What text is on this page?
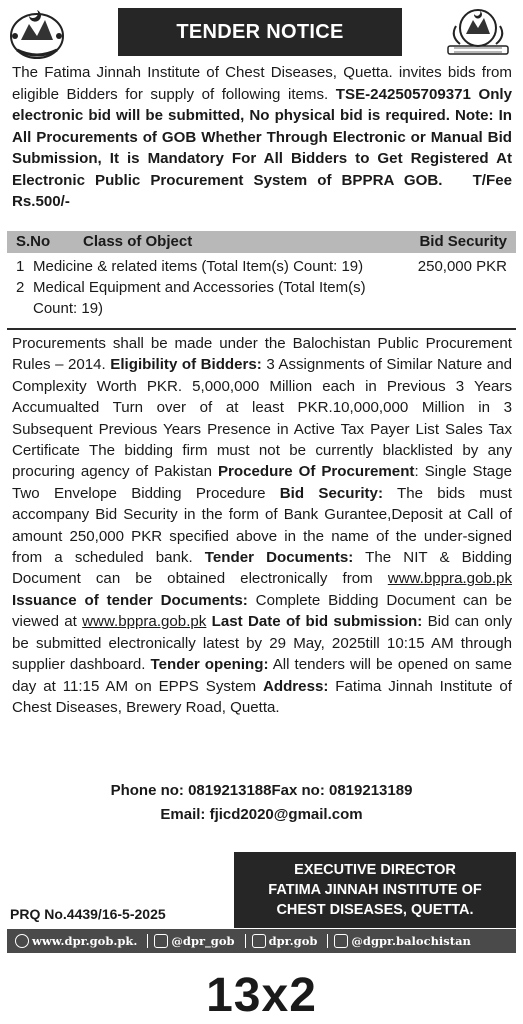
TENDER NOTICE
The Fatima Jinnah Institute of Chest Diseases, Quetta. invites bids from eligible Bidders for supply of following items. TSE-242505709371 Only electronic bid will be submitted, No physical bid is required. Note: In All Procurements of GOB Whether Through Electronic or Manual Bid Submission, It is Mandatory For All Bidders to Get Registered At Electronic Public Procurement System of BPPRA GOB. T/Fee Rs.500/-
S.No Class of Object	Bid Security
1 Medicine & related items (Total Item(s) Count: 19)	250,000 PKR
2 Medical Equipment and Accessories (Total Item(s) Count: 19)
Procurements shall be made under the Balochistan Public Procurement Rules – 2014. Eligibility of Bidders: 3 Assignments of Similar Nature and Complexity Worth PKR. 5,000,000 Million each in Previous 3 Years Accumualted Turn over of at least PKR.10,000,000 Million in 3 Subsequent Previous Years Presence in Active Tax Payer List Sales Tax Certificate The bidding firm must not be currently blacklisted by any procuring agency of Pakistan Procedure Of Procurement: Single Stage Two Envelope Bidding Procedure Bid Security: The bids must accompany Bid Security in the form of Bank Gurantee,Deposit at Call of amount 250,000 PKR specified above in the name of the under-signed from a scheduled bank. Tender Documents: The NIT & Bidding Document can be obtained electronically from www.bppra.gob.pk Issuance of tender Documents: Complete Bidding Document can be viewed at www.bppra.gob.pk Last Date of bid submission: Bid can only be submitted electronically latest by 29 May, 2025till 10:15 AM through supplier dashboard. Tender opening: All tenders will be opened on same day at 11:15 AM on EPPS System Address: Fatima Jinnah Institute of Chest Diseases, Brewery Road, Quetta.
Phone no: 0819213188Fax no: 0819213189
Email: fjicd2020@gmail.com
EXECUTIVE DIRECTOR
FATIMA JINNAH INSTITUTE OF
CHEST DISEASES, QUETTA.
PRQ No.4439/16-5-2025
www.dpr.gob.pk.	@dpr_gob	dpr.gob	@dgpr.balochistan
13x2
